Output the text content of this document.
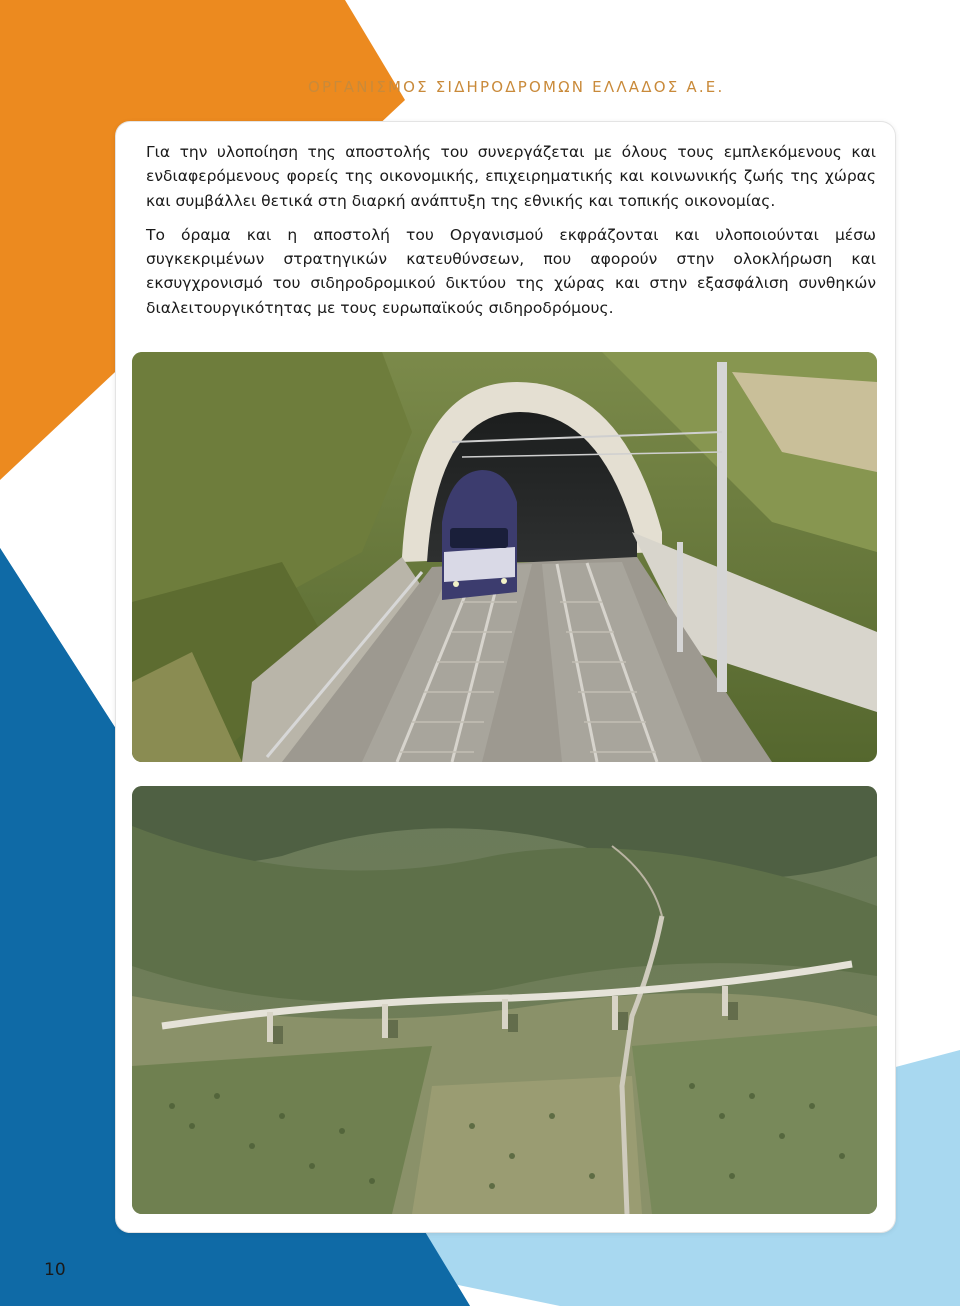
ΟΡΓΑΝΙΣΜΟΣ ΣΙΔΗΡΟΔΡΟΜΩΝ ΕΛΛΑΔΟΣ Α.Ε.

Για την υλοποίηση της αποστολής του συνεργάζεται με όλους τους εμπλεκόμενους και ενδιαφερόμενους φορείς της οικονομικής, επιχειρηματικής και κοινωνικής ζωής της χώρας και συμβάλλει θετικά στη διαρκή ανάπτυξη της εθνικής και τοπικής οικονομίας.

Το όραμα και η αποστολή του Οργανισμού εκφράζονται και υλοποιούνται μέσω συγκεκριμένων στρατηγικών κατευθύνσεων, που αφορούν στην ολοκλήρωση και εκσυγχρονισμό του σιδηροδρομικού δικτύου της χώρας και στην εξασφάλιση συνθηκών διαλειτουργικότητας με τους ευρωπαϊκούς σιδηροδρόμους.

10
